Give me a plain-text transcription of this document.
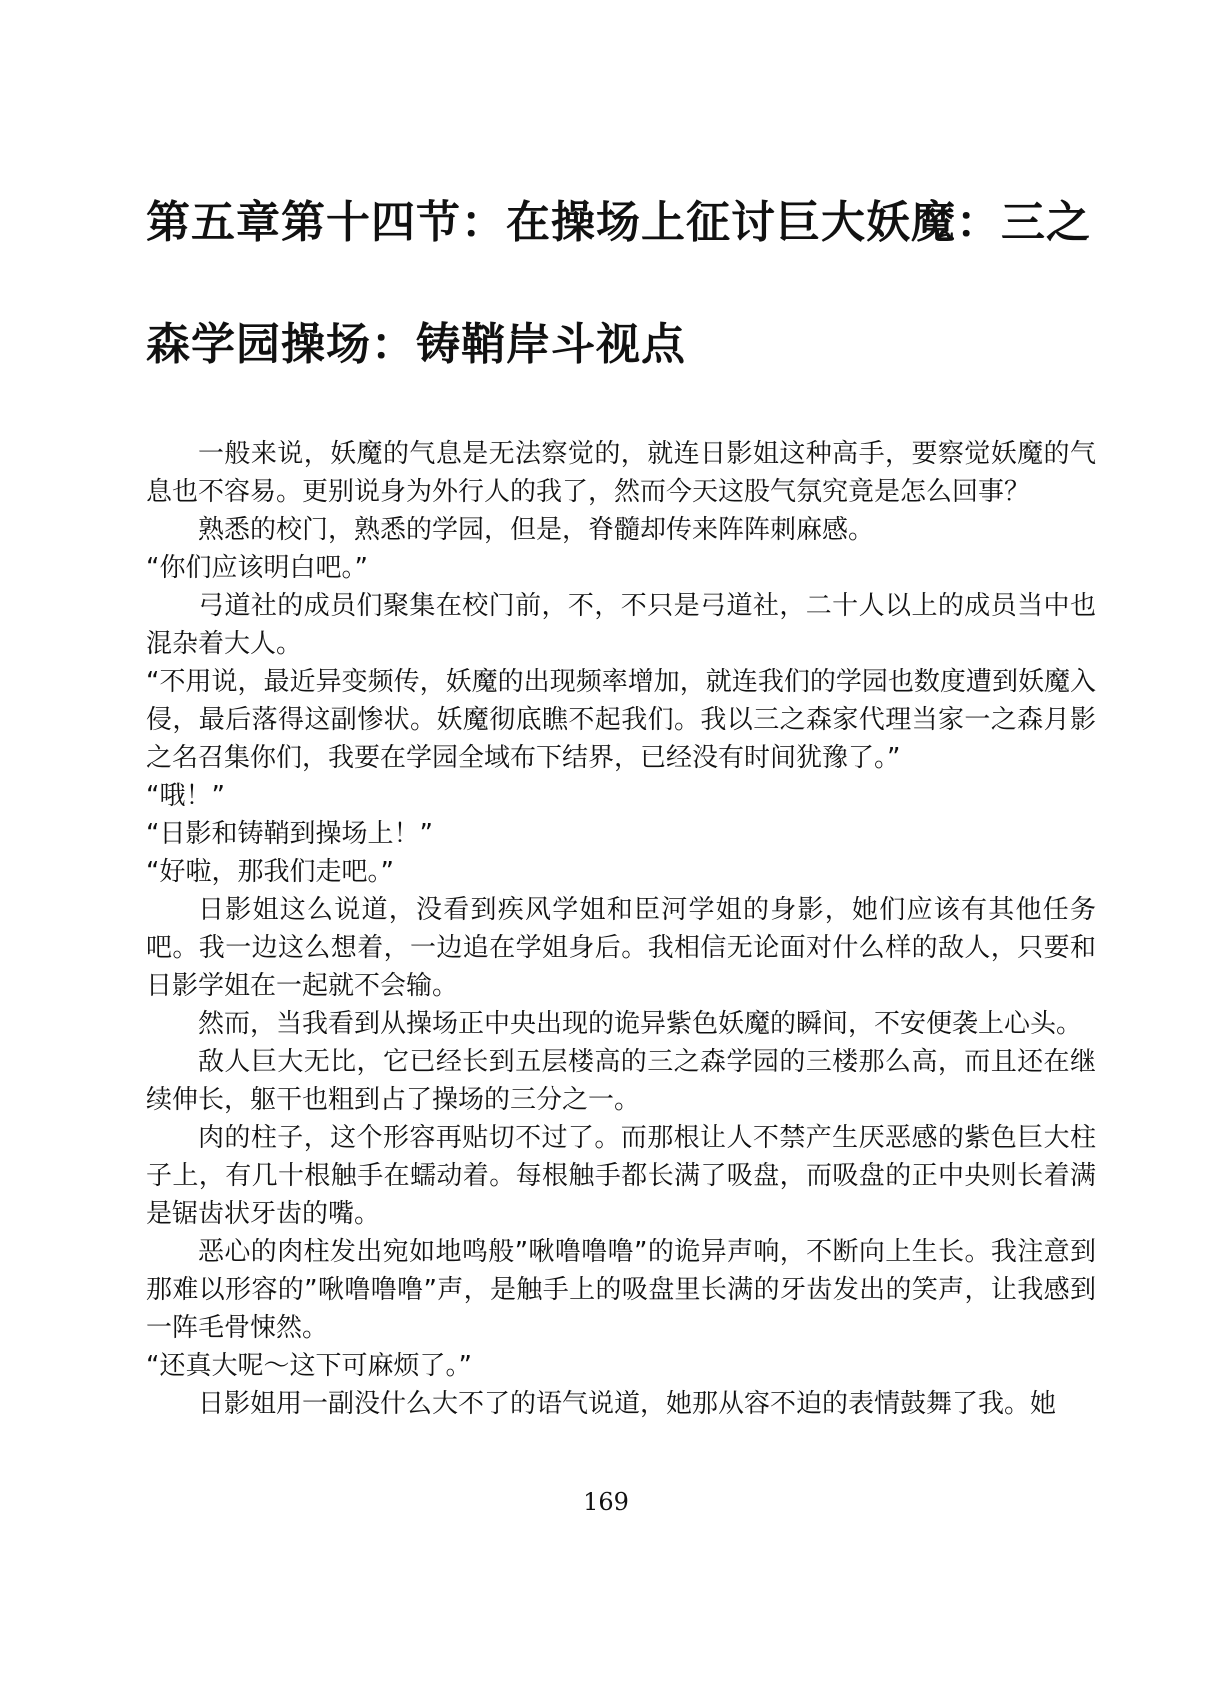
第五章第十四节：在操场上征讨巨大妖魔：三之森学园操场：铸鞘岸斗视点

一般来说，妖魔的气息是无法察觉的，就连日影姐这种高手，要察觉妖魔的气息也不容易。更别说身为外行人的我了，然而今天这股气氛究竟是怎么回事？

熟悉的校门，熟悉的学园，但是，脊髓却传来阵阵刺麻感。

“你们应该明白吧。”

弓道社的成员们聚集在校门前，不，不只是弓道社，二十人以上的成员当中也混杂着大人。

“不用说，最近异变频传，妖魔的出现频率增加，就连我们的学园也数度遭到妖魔入侵，最后落得这副惨状。妖魔彻底瞧不起我们。我以三之森家代理当家一之森月影之名召集你们，我要在学园全域布下结界，已经没有时间犹豫了。”

“哦！”

“日影和铸鞘到操场上！”

“好啦，那我们走吧。”

日影姐这么说道，没看到疾风学姐和臣河学姐的身影，她们应该有其他任务吧。我一边这么想着，一边追在学姐身后。我相信无论面对什么样的敌人，只要和日影学姐在一起就不会输。

然而，当我看到从操场正中央出现的诡异紫色妖魔的瞬间，不安便袭上心头。

敌人巨大无比，它已经长到五层楼高的三之森学园的三楼那么高，而且还在继续伸长，躯干也粗到占了操场的三分之一。

肉的柱子，这个形容再贴切不过了。而那根让人不禁产生厌恶感的紫色巨大柱子上，有几十根触手在蠕动着。每根触手都长满了吸盘，而吸盘的正中央则长着满是锯齿状牙齿的嘴。

恶心的肉柱发出宛如地鸣般”啾噜噜噜”的诡异声响，不断向上生长。我注意到那难以形容的”啾噜噜噜”声，是触手上的吸盘里长满的牙齿发出的笑声，让我感到一阵毛骨悚然。

“还真大呢～这下可麻烦了。”

日影姐用一副没什么大不了的语气说道，她那从容不迫的表情鼓舞了我。她

169
